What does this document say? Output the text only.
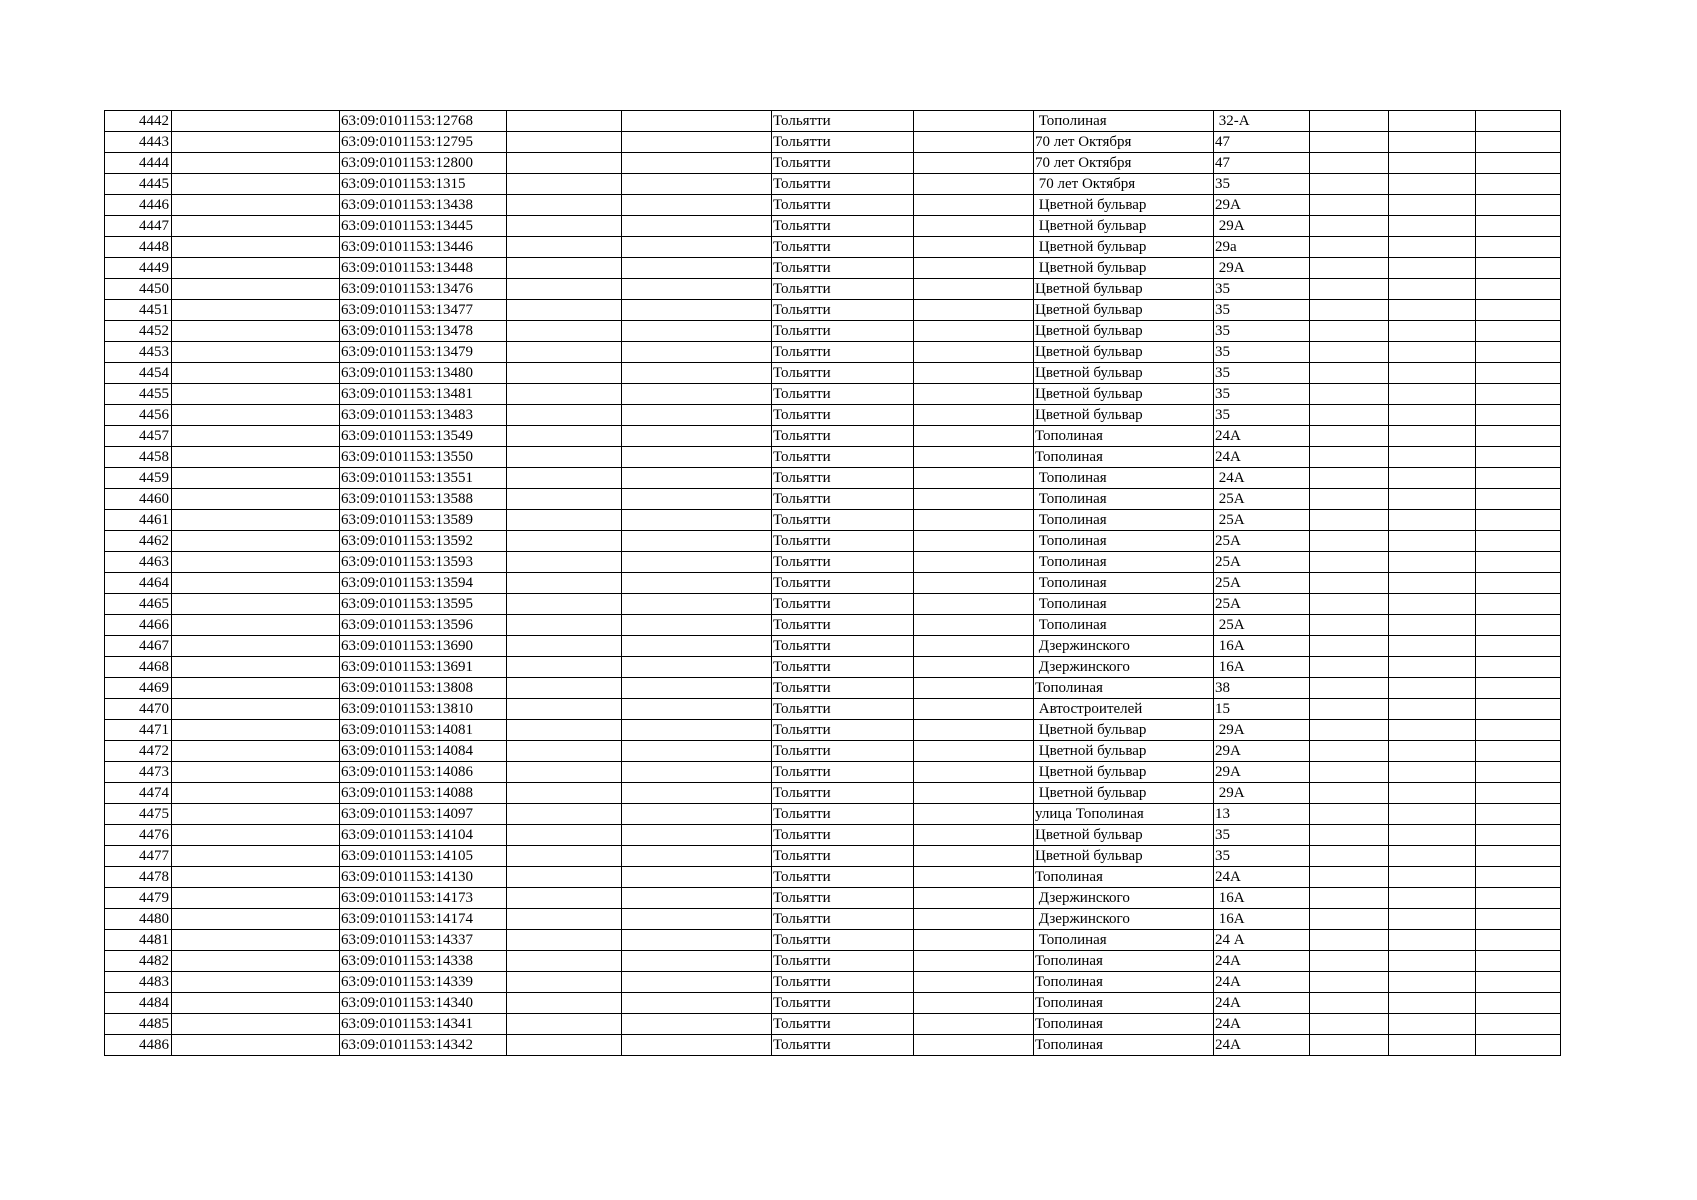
4442		63:09:0101153:12768			Тольятти		Тополиная	32-А			
4443		63:09:0101153:12795			Тольятти		70 лет Октября	47			
4444		63:09:0101153:12800			Тольятти		70 лет Октября	47			
4445		63:09:0101153:1315			Тольятти		70 лет Октября	35			
4446		63:09:0101153:13438			Тольятти		Цветной бульвар	29А			
4447		63:09:0101153:13445			Тольятти		Цветной бульвар	29А			
4448		63:09:0101153:13446			Тольятти		Цветной бульвар	29а			
4449		63:09:0101153:13448			Тольятти		Цветной бульвар	29А			
4450		63:09:0101153:13476			Тольятти		Цветной бульвар	35			
4451		63:09:0101153:13477			Тольятти		Цветной бульвар	35			
4452		63:09:0101153:13478			Тольятти		Цветной бульвар	35			
4453		63:09:0101153:13479			Тольятти		Цветной бульвар	35			
4454		63:09:0101153:13480			Тольятти		Цветной бульвар	35			
4455		63:09:0101153:13481			Тольятти		Цветной бульвар	35			
4456		63:09:0101153:13483			Тольятти		Цветной бульвар	35			
4457		63:09:0101153:13549			Тольятти		Тополиная	24А			
4458		63:09:0101153:13550			Тольятти		Тополиная	24А			
4459		63:09:0101153:13551			Тольятти		Тополиная	24А			
4460		63:09:0101153:13588			Тольятти		Тополиная	25А			
4461		63:09:0101153:13589			Тольятти		Тополиная	25А			
4462		63:09:0101153:13592			Тольятти		Тополиная	25А			
4463		63:09:0101153:13593			Тольятти		Тополиная	25А			
4464		63:09:0101153:13594			Тольятти		Тополиная	25А			
4465		63:09:0101153:13595			Тольятти		Тополиная	25А			
4466		63:09:0101153:13596			Тольятти		Тополиная	25А			
4467		63:09:0101153:13690			Тольятти		Дзержинского	16А			
4468		63:09:0101153:13691			Тольятти		Дзержинского	16А			
4469		63:09:0101153:13808			Тольятти		Тополиная	38			
4470		63:09:0101153:13810			Тольятти		Автостроителей	15			
4471		63:09:0101153:14081			Тольятти		Цветной бульвар	29А			
4472		63:09:0101153:14084			Тольятти		Цветной бульвар	29А			
4473		63:09:0101153:14086			Тольятти		Цветной бульвар	29А			
4474		63:09:0101153:14088			Тольятти		Цветной бульвар	29А			
4475		63:09:0101153:14097			Тольятти		улица Тополиная	13			
4476		63:09:0101153:14104			Тольятти		Цветной бульвар	35			
4477		63:09:0101153:14105			Тольятти		Цветной бульвар	35			
4478		63:09:0101153:14130			Тольятти		Тополиная	24А			
4479		63:09:0101153:14173			Тольятти		Дзержинского	16А			
4480		63:09:0101153:14174			Тольятти		Дзержинского	16А			
4481		63:09:0101153:14337			Тольятти		Тополиная	24 А			
4482		63:09:0101153:14338			Тольятти		Тополиная	24А			
4483		63:09:0101153:14339			Тольятти		Тополиная	24А			
4484		63:09:0101153:14340			Тольятти		Тополиная	24А			
4485		63:09:0101153:14341			Тольятти		Тополиная	24А			
4486		63:09:0101153:14342			Тольятти		Тополиная	24А			
